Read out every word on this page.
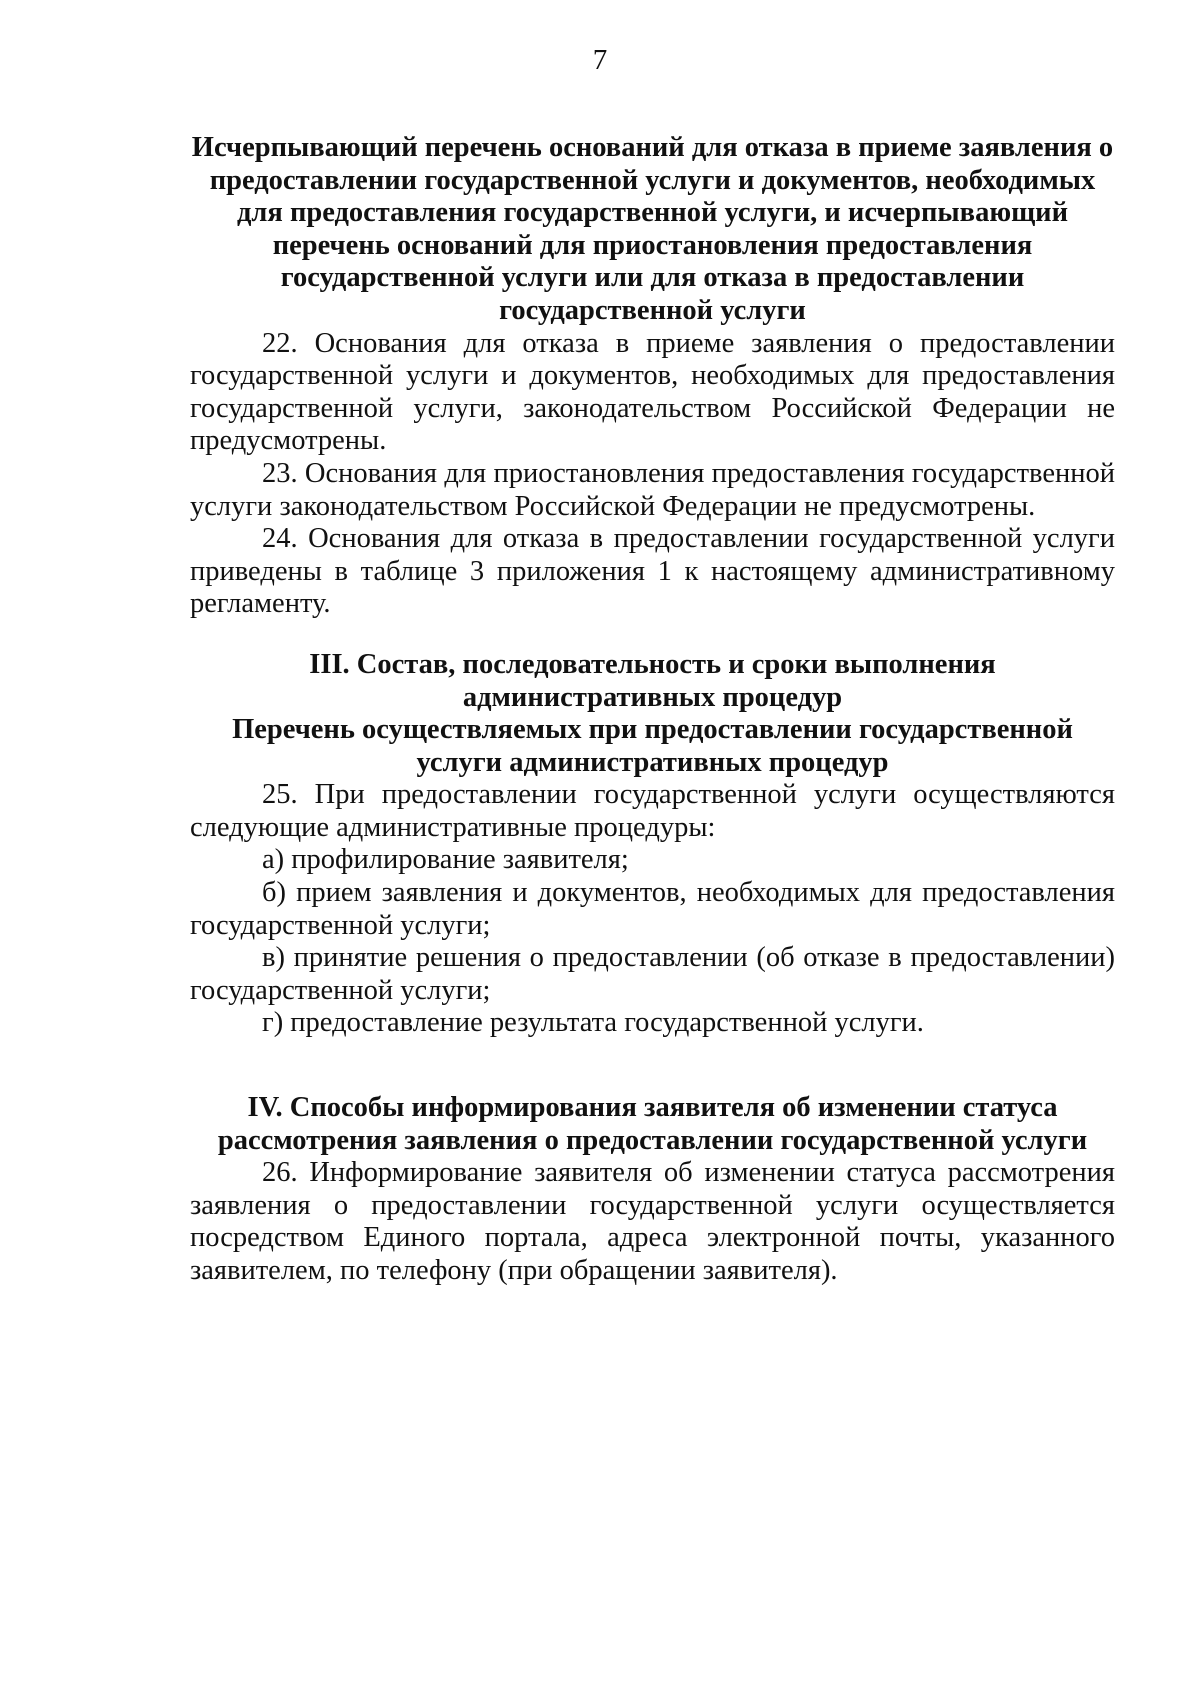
7

Исчерпывающий перечень оснований для отказа в приеме заявления о предоставлении государственной услуги и документов, необходимых для предоставления государственной услуги, и исчерпывающий перечень оснований для приостановления предоставления государственной услуги или для отказа в предоставлении государственной услуги

22. Основания для отказа в приеме заявления о предоставлении государственной услуги и документов, необходимых для предоставления государственной услуги, законодательством Российской Федерации не предусмотрены.

23. Основания для приостановления предоставления государственной услуги законодательством Российской Федерации не предусмотрены.

24. Основания для отказа в предоставлении государственной услуги приведены в таблице 3 приложения 1 к настоящему административному регламенту.

III. Состав, последовательность и сроки выполнения административных процедур

Перечень осуществляемых при предоставлении государственной услуги административных процедур

25. При предоставлении государственной услуги осуществляются следующие административные процедуры:

а) профилирование заявителя;

б) прием заявления и документов, необходимых для предоставления государственной услуги;

в) принятие решения о предоставлении (об отказе в предоставлении) государственной услуги;

г) предоставление результата государственной услуги.

IV. Способы информирования заявителя об изменении статуса рассмотрения заявления о предоставлении государственной услуги

26. Информирование заявителя об изменении статуса рассмотрения заявления о предоставлении государственной услуги осуществляется посредством Единого портала, адреса электронной почты, указанного заявителем, по телефону (при обращении заявителя).
